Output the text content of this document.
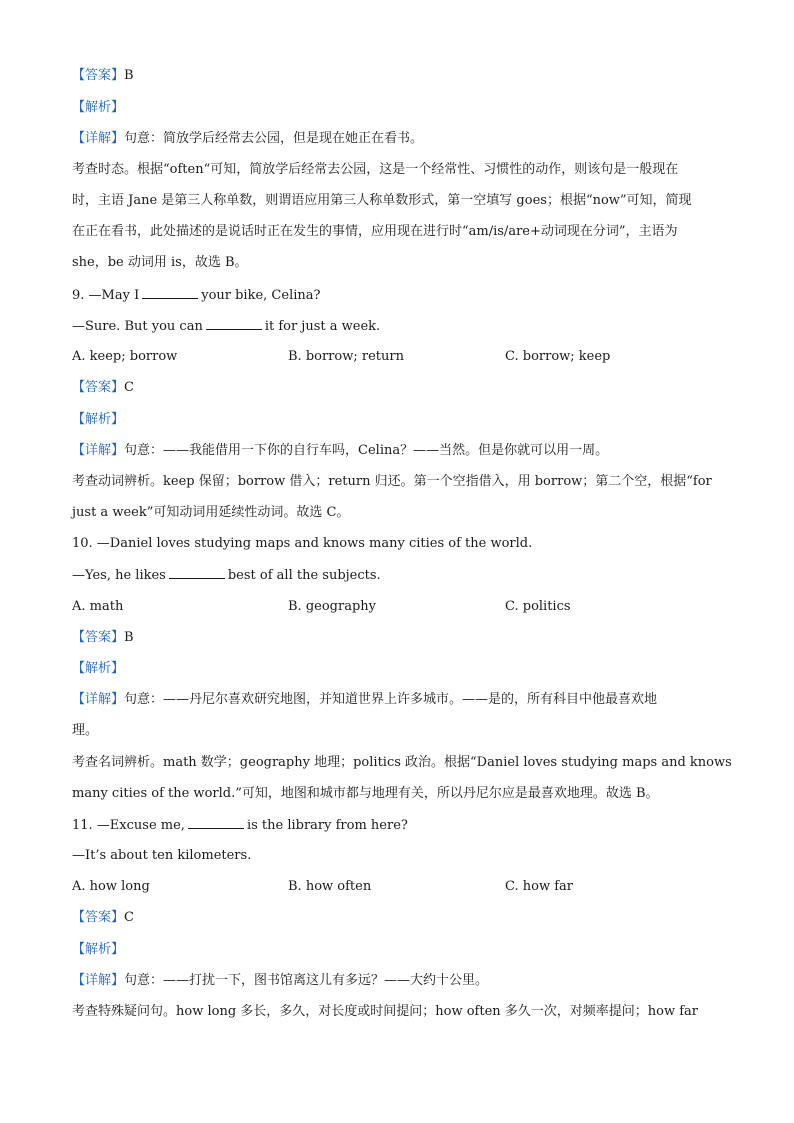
【答案】B
【解析】
【详解】句意：简放学后经常去公园，但是现在她正在看书。
考查时态。根据“often“可知，简放学后经常去公园，这是一个经常性、习惯性的动作，则该句是一般现在
时，主语 Jane 是第三人称单数，则谓语应用第三人称单数形式，第一空填写 goes；根据“now”可知，简现
在正在看书，此处描述的是说话时正在发生的事情，应用现在进行时“am/is/are+动词现在分词”，主语为
she，be 动词用 is，故选 B。
9. —May I	your bike, Celina?
—Sure. But you can	it for just a week.
A. keep; borrow	B. borrow; return	C. borrow; keep
【答案】C
【解析】
【详解】句意：——我能借用一下你的自行车吗，Celina？——当然。但是你就可以用一周。
考查动词辨析。keep 保留；borrow 借入；return 归还。第一个空指借入，用 borrow；第二个空，根据“for
just a week”可知动词用延续性动词。故选 C。
10. —Daniel loves studying maps and knows many cities of the world.
—Yes, he likes	best of all the subjects.
A. math	B. geography	C. politics
【答案】B
【解析】
【详解】句意：——丹尼尔喜欢研究地图，并知道世界上许多城市。——是的，所有科目中他最喜欢地
理。
考查名词辨析。math 数学；geography 地理；politics 政治。根据“Daniel loves studying maps and knows
many cities of the world.”可知，地图和城市都与地理有关，所以丹尼尔应是最喜欢地理。故选 B。
11. —Excuse me,	is the library from here?
—It’s about ten kilometers.
A. how long	B. how often	C. how far
【答案】C
【解析】
【详解】句意：——打扰一下，图书馆离这儿有多远？——大约十公里。
考查特殊疑问句。how long 多长，多久，对长度或时间提问；how often 多久一次，对频率提问；how far
